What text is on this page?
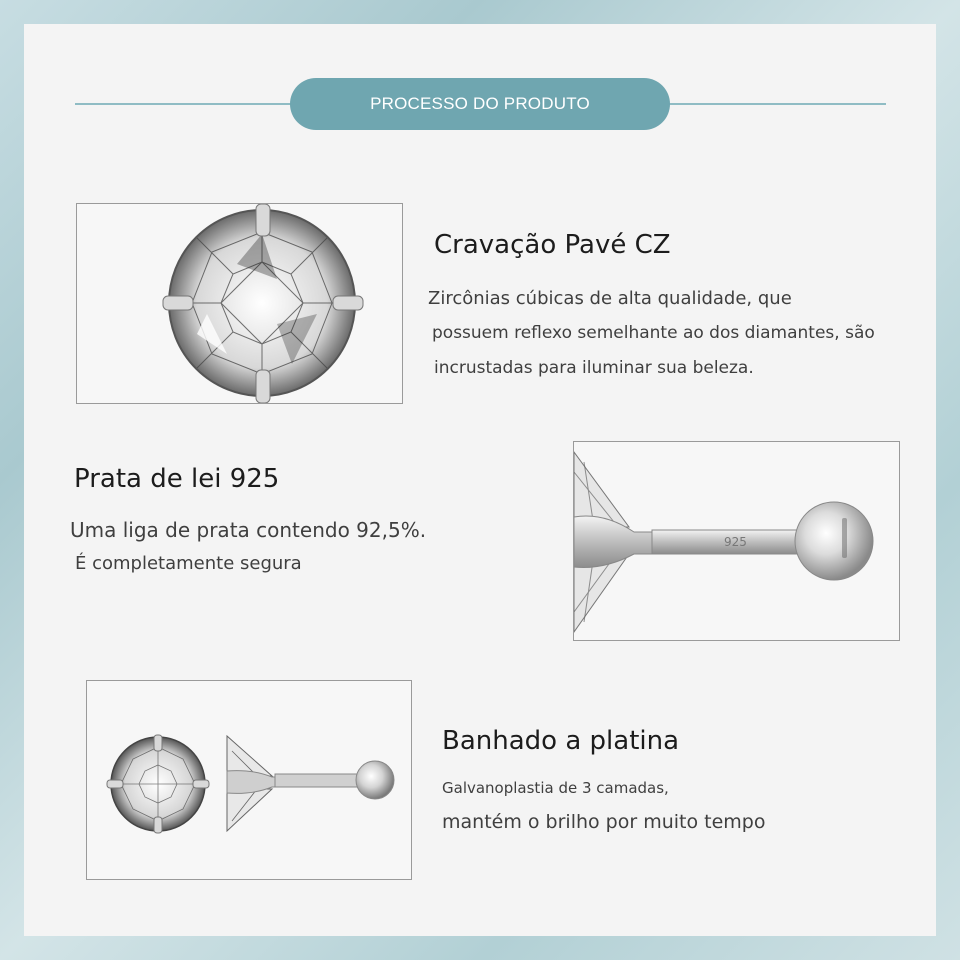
PROCESSO DO PRODUTO
Cravação Pavé CZ
Zircônias cúbicas de alta qualidade, que
possuem reflexo semelhante ao dos diamantes, são
incrustadas para iluminar sua beleza.
Prata de lei 925
Uma liga de prata contendo 92,5%.
É completamente segura
925
Banhado a platina
Galvanoplastia de 3 camadas,
mantém o brilho por muito tempo
